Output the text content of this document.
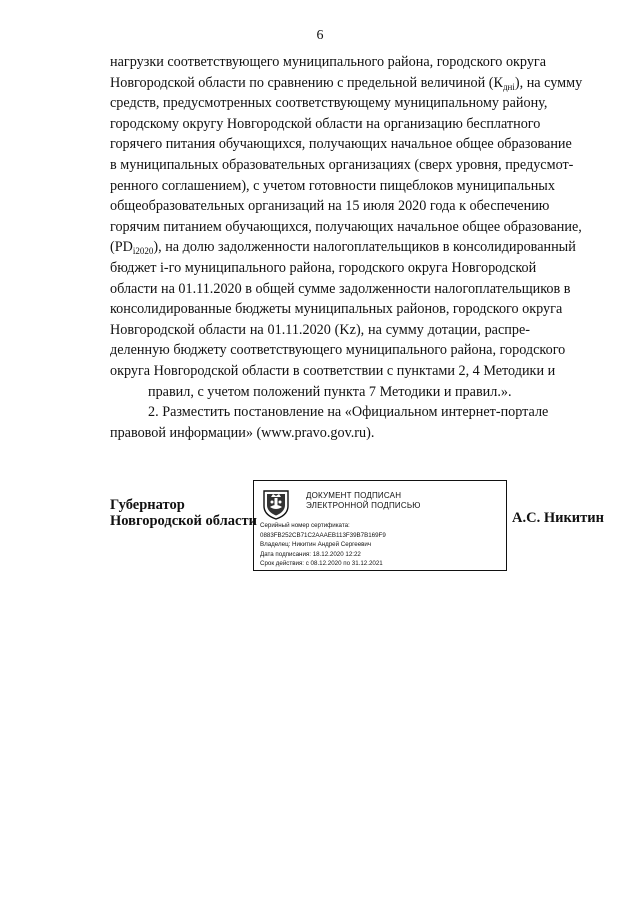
6
нагрузки соответствующего муниципального района, городского округа
Новгородской области по сравнению с предельной величиной $(К_{дні})$, на сумму
средств, предусмотренных соответствующему муниципальному району,
городскому округу Новгородской области на организацию бесплатного
горячего питания обучающихся, получающих начальное общее образование
в муниципальных образовательных организациях (сверх уровня, предусмот-
ренного соглашением), с учетом готовности пищеблоков муниципальных
общеобразовательных организаций на 15 июля 2020 года к обеспечению
горячим питанием обучающихся, получающих начальное общее образование,
$(PD_{i2020})$, на долю задолженности налогоплательщиков в консолидированный
бюджет i-го муниципального района, городского округа Новгородской
области на 01.11.2020 в общей сумме задолженности налогоплательщиков в
консолидированные бюджеты муниципальных районов, городского округа
Новгородской области на 01.11.2020 (Kz), на сумму дотации, распре-
деленную бюджету соответствующего муниципального района, городского
округа Новгородской области в соответствии с пунктами 2, 4 Методики и
правил, с учетом положений пункта 7 Методики и правил.».
2. Разместить постановление на «Официальном интернет-портале
правовой информации» (www.pravo.gov.ru).
Губернатор
Новгородской области
ДОКУМЕНТ ПОДПИСАН
ЭЛЕКТРОННОЙ ПОДПИСЬЮ
Серийный номер сертификата:
0883FB252CB71C2AAAEB113F39B7B169F9
Владелец: Никитин Андрей Сергеевич
Дата подписания: 18.12.2020 12:22
Срок действия: с 08.12.2020 по 31.12.2021
А.С. Никитин
